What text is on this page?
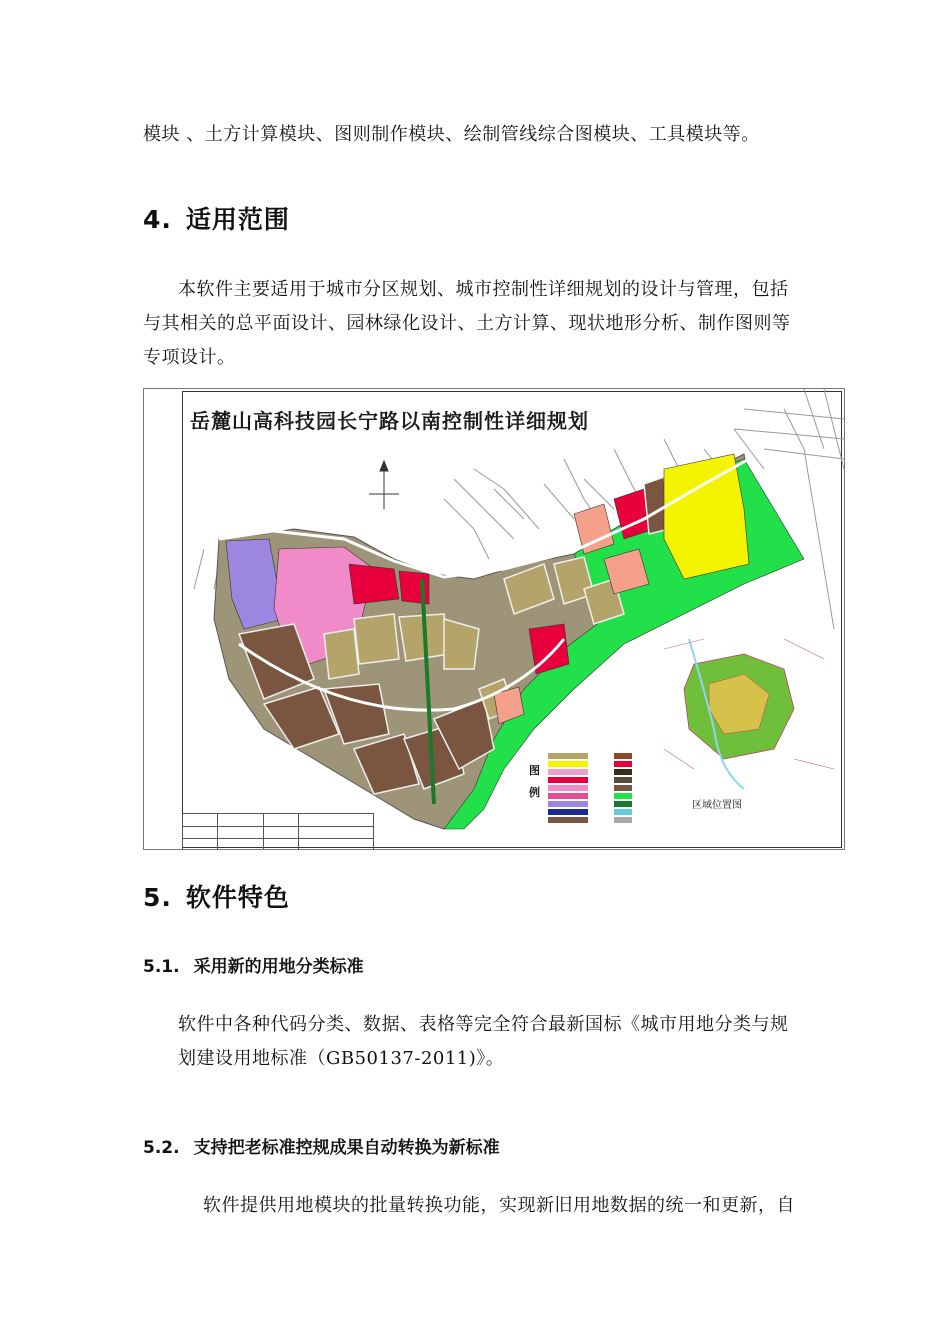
模块 、土方计算模块、图则制作模块、绘制管线综合图模块、工具模块等。

4. 适用范围

本软件主要适用于城市分区规划、城市控制性详细规划的设计与管理，包括

与其相关的总平面设计、园林绿化设计、土方计算、现状地形分析、制作图则等

专项设计。

岳麓山高科技园长宁路以南控制性详细规划
图
例
区域位置图
5. 软件特色
5.1. 采用新的用地分类标准

软件中各种代码分类、数据、表格等完全符合最新国标《城市用地分类与规

划建设用地标准（GB50137-2011)》。

5.2. 支持把老标准控规成果自动转换为新标准

软件提供用地模块的批量转换功能，实现新旧用地数据的统一和更新，自
